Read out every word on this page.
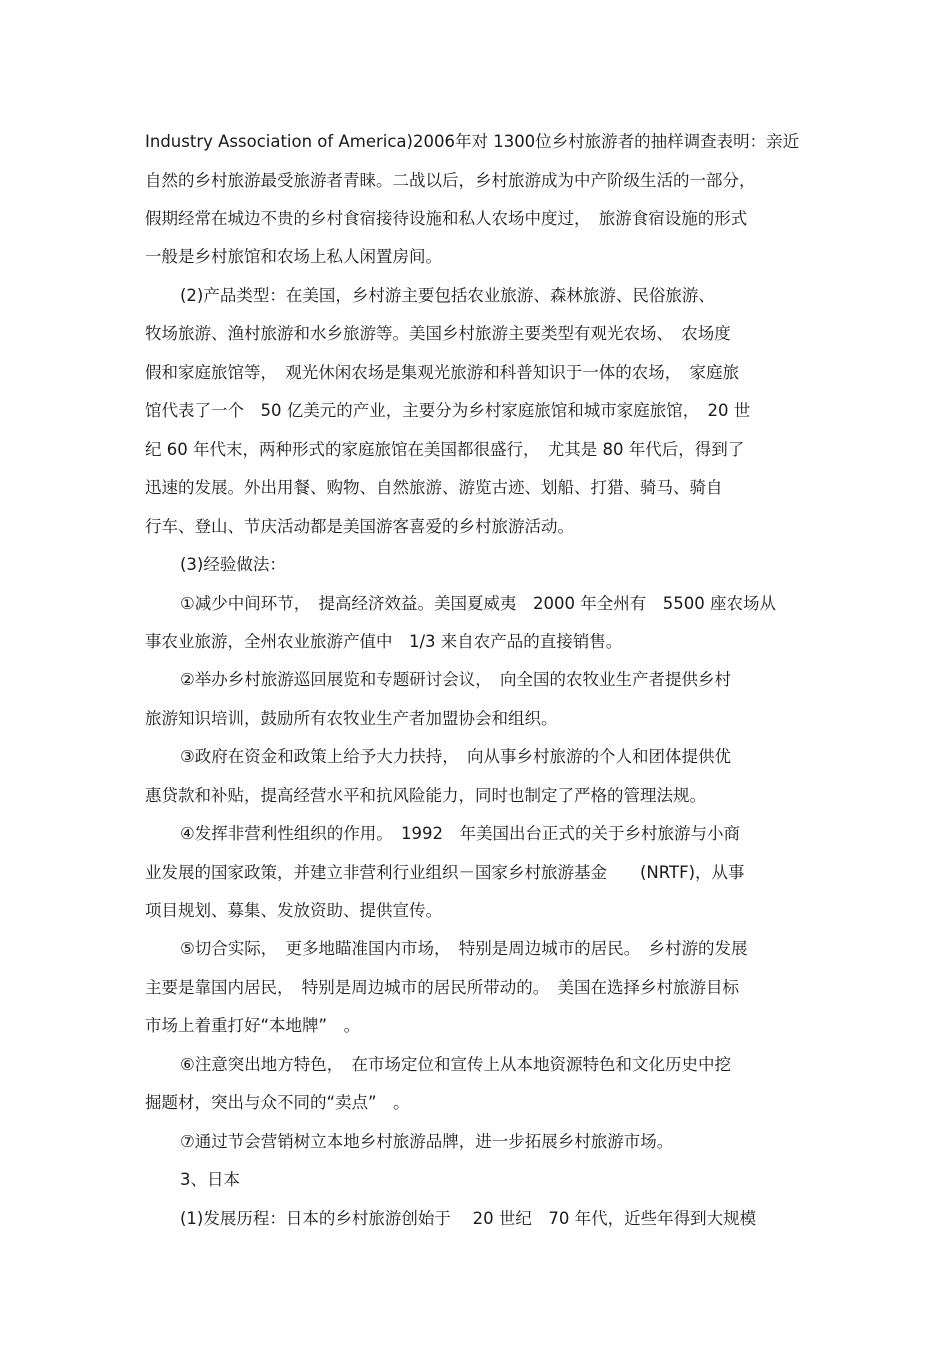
Industry Association of America)2006年对 1300位乡村旅游者的抽样调查表明：亲近
自然的乡村旅游最受旅游者青睐。二战以后，乡村旅游成为中产阶级生活的一部分，
假期经常在城边不贵的乡村食宿接待设施和私人农场中度过，　旅游食宿设施的形式
一般是乡村旅馆和农场上私人闲置房间。
(2)产品类型：在美国，乡村游主要包括农业旅游、森林旅游、民俗旅游、
牧场旅游、渔村旅游和水乡旅游等。美国乡村旅游主要类型有观光农场、　农场度
假和家庭旅馆等，　观光休闲农场是集观光旅游和科普知识于一体的农场，　家庭旅
馆代表了一个　50 亿美元的产业，主要分为乡村家庭旅馆和城市家庭旅馆，　20 世
纪 60 年代末，两种形式的家庭旅馆在美国都很盛行，　尤其是 80 年代后，得到了
迅速的发展。外出用餐、购物、自然旅游、游览古迹、划船、打猎、骑马、骑自
行车、登山、节庆活动都是美国游客喜爱的乡村旅游活动。
(3)经验做法：
①减少中间环节，　提高经济效益。美国夏威夷　2000 年全州有　5500 座农场从
事农业旅游，全州农业旅游产值中　1/3 来自农产品的直接销售。
②举办乡村旅游巡回展览和专题研讨会议，　向全国的农牧业生产者提供乡村
旅游知识培训，鼓励所有农牧业生产者加盟协会和组织。
③政府在资金和政策上给予大力扶持，　向从事乡村旅游的个人和团体提供优
惠贷款和补贴，提高经营水平和抗风险能力，同时也制定了严格的管理法规。
④发挥非营利性组织的作用。　1992　年美国出台正式的关于乡村旅游与小商
业发展的国家政策，并建立非营利行业组织－国家乡村旅游基金　　(NRTF)，从事
项目规划、募集、发放资助、提供宣传。
⑤切合实际，　更多地瞄准国内市场，　特别是周边城市的居民。　乡村游的发展
主要是靠国内居民，　特别是周边城市的居民所带动的。　美国在选择乡村旅游目标
市场上着重打好“本地牌”　。
⑥注意突出地方特色，　在市场定位和宣传上从本地资源特色和文化历史中挖
掘题材，突出与众不同的“卖点”　。
⑦通过节会营销树立本地乡村旅游品牌，进一步拓展乡村旅游市场。
3、日本
(1)发展历程：日本的乡村旅游创始于　 20 世纪　70 年代，近些年得到大规模
